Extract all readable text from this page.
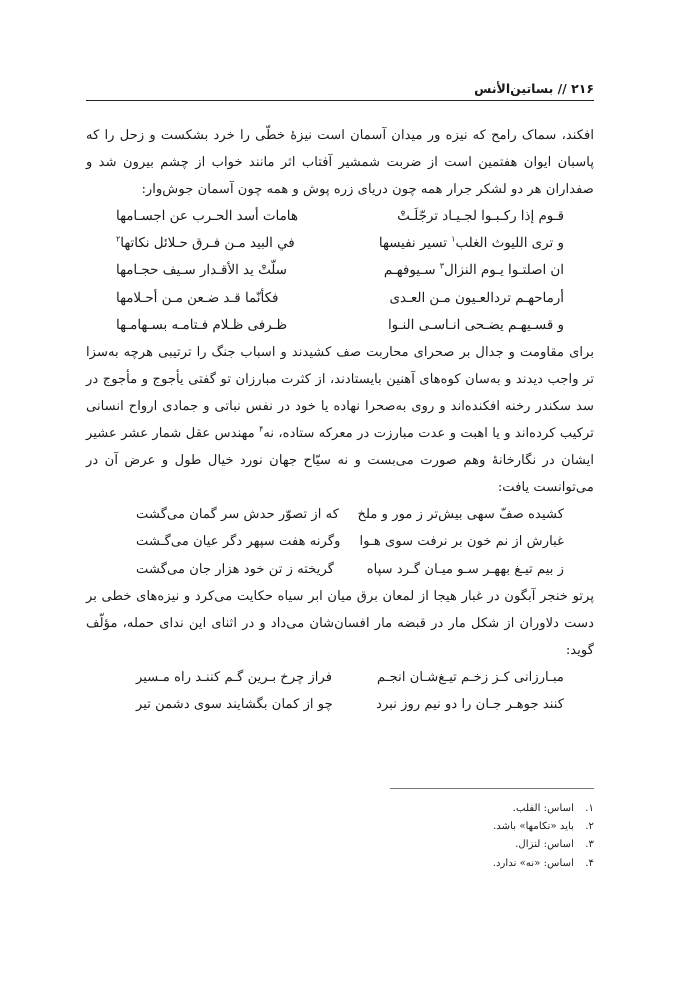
۲۱۶ // بساتین‌الأنس

افکند، سماک رامح که نیزه ور میدان آسمان است نیزۀ خطّی را خرد بشکست و زحل را که پاسبان ایوان هفتمین است از ضربت شمشیر آفتاب اثر مانند خواب از چشم بیرون شد و صفداران هر دو لشکر جرار همه چون دریای زره پوش و همه چون آسمان جوش‌وار:

قـوم إذا رکـبـوا لجـيـاد ترجّلَـتْ
هامات أسد الحـرب عن اجسـامها
و ترى الليوث الغلب$^۱$ تسير نفيسها
في البيد مـن فـرق حـلائل نكاتها$^۲$
ان اصلتـوا يـوم النزال$^۳$ سـيوفهـم
سلّتْ يد الأقـدار سـيف حجـامها
أرماحهـم تردالعـيون مـن العـدى
فكأنّما قـد ضـعن مـن أحـلامها
و قسـيهـم يضـحی انـاسـی النـوا
ظـرفی ظـلام فـتامـه بسـهامـها

برای مقاومت و جدال بر صحرای محاربت صف کشیدند و اسباب جنگ را ترتیبی هرچه به‌سزا تر واجب دیدند و به‌سان کوه‌های آهنین بایستادند، از کثرت مبارزان تو گفتی یأجوج و مأجوج در سد سکندر رخنه افکنده‌اند و روی به‌صحرا نهاده یا خود در نفس نباتی و جمادی ارواح انسانی ترکیب کرده‌اند و یا اهبت و عدت مبارزت در معرکه ستاده، نه$^۴$ مهندس عقل شمار عشر عشیر ایشان در نگارخانۀ وهم صورت می‌بست و نه سیّاح جهان نورد خیال طول و عرض آن در می‌توانست یافت:

کشیده صفّ سهی بیش‌تر ز مور و ملخ
که از تصوّر حدش سر گمان می‌گشت
غبارش از نم خون بر نرفت سوی هـوا
وگرنه هفت سپهر دگر عیان می‌گـشت
ز بیم تیـغ بههـر سـو میـان گـرد سپاه
گریخته ز تن خود هزار جان می‌گشت

پرتو خنجر آبگون در غبار هیجا از لمعان برق میان ابر سیاه حکایت می‌کرد و نیزه‌های خطی بر دست دلاوران از شکل مار در قبضه مار افسان‌شان می‌داد و در اثنای این ندای حمله، مؤلّف گوید:

مبـارزانی کـز زخـم تیـغ‌شـان انجـم
فراز چرخ بـرین گـم کننـد راه مـسیر
کنند جوهـر جـان را دو نیم روز نبرد
چو از کمان بگشایند سوی دشمن تیر
۱.اساس: الفلب.
۲.باید «نکامها» باشد.
۳.اساس: لنزال.
۴.اساس: «نه» ندارد.
